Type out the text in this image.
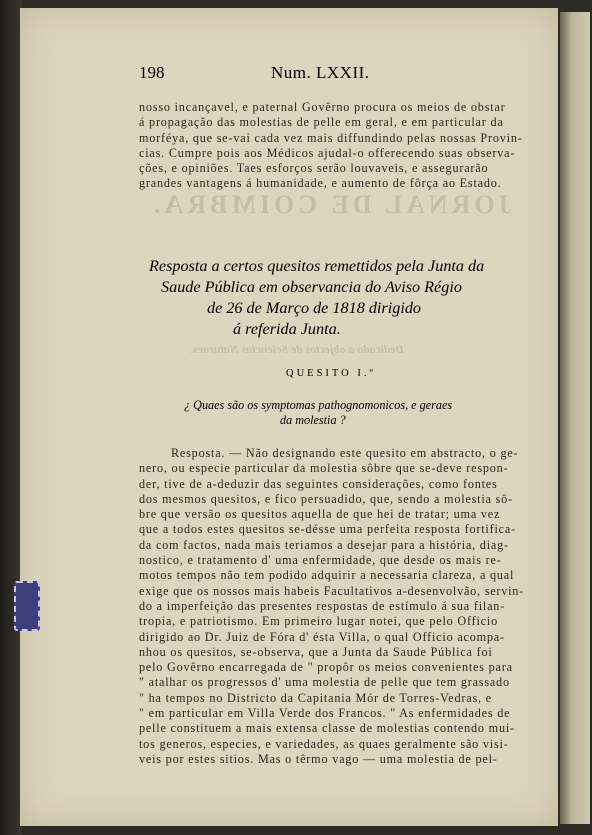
JORNAL DE COIMBRA.
Dedicado a objectos de Sciencias Naturaes.
198	Num. LXXII.
nosso incançavel, e paternal Govêrno procura os meios de obstar
á propagação das molestias de pelle em geral, e em particular da
morféya, que se-vai cada vez mais diffundindo pelas nossas Provin-
cias. Cumpre pois aos Médicos ajudal-o offerecendo suas observa-
ções, e opiniões. Taes esforços serão louvaveis, e assegurarão
grandes vantagens á humanidade, e aumento de fôrça ao Estado.
Resposta a certos quesitos remettidos pela Junta da
Saude Pública em observancia do Aviso Régio
de 26 de Março de 1818 dirigido
á referida Junta.
QUESITO I.º
¿ Quaes são os symptomas pathognomonicos, e geraes
da molestia ?
Resposta. — Não designando este quesito em abstracto, o ge-
nero, ou especie particular da molestia sôbre que se-deve respon-
der, tive de a-deduzir das seguintes considerações, como fontes
dos mesmos quesitos, e fico persuadido, que, sendo a molestia sô-
bre que versão os quesitos aquella de que hei de tratar; uma vez
que a todos estes quesitos se-désse uma perfeita resposta fortifica-
da com factos, nada mais teriamos a desejar para a história, diag-
nostico, e tratamento d' uma enfermidade, que desde os mais re-
motos tempos não tem podido adquirir a necessaria clareza, a qual
exige que os nossos mais habeis Facultativos a-desenvolvão, servin-
do a imperfeição das presentes respostas de estímulo á sua filan-
tropia, e patriotismo. Em primeiro lugar notei, que pelo Officio
dirigido ao Dr. Juiz de Fóra d' ésta Villa, o qual Officio acompa-
nhou os quesitos, se-observa, que a Junta da Saude Pública foi
pelo Govêrno encarregada de " propôr os meios convenientes para
" atalhar os progressos d' uma molestia de pelle que tem grassado
" ha tempos no Districto da Capitania Mór de Torres-Vedras, e
" em particular em Villa Verde dos Francos. " As enfermidades de
pelle constituem a mais extensa classe de molestias contendo mui-
tos generos, especies, e variedades, as quaes geralmente são visi-
veis por estes sitios. Mas o têrmo vago — uma molestia de pel-
